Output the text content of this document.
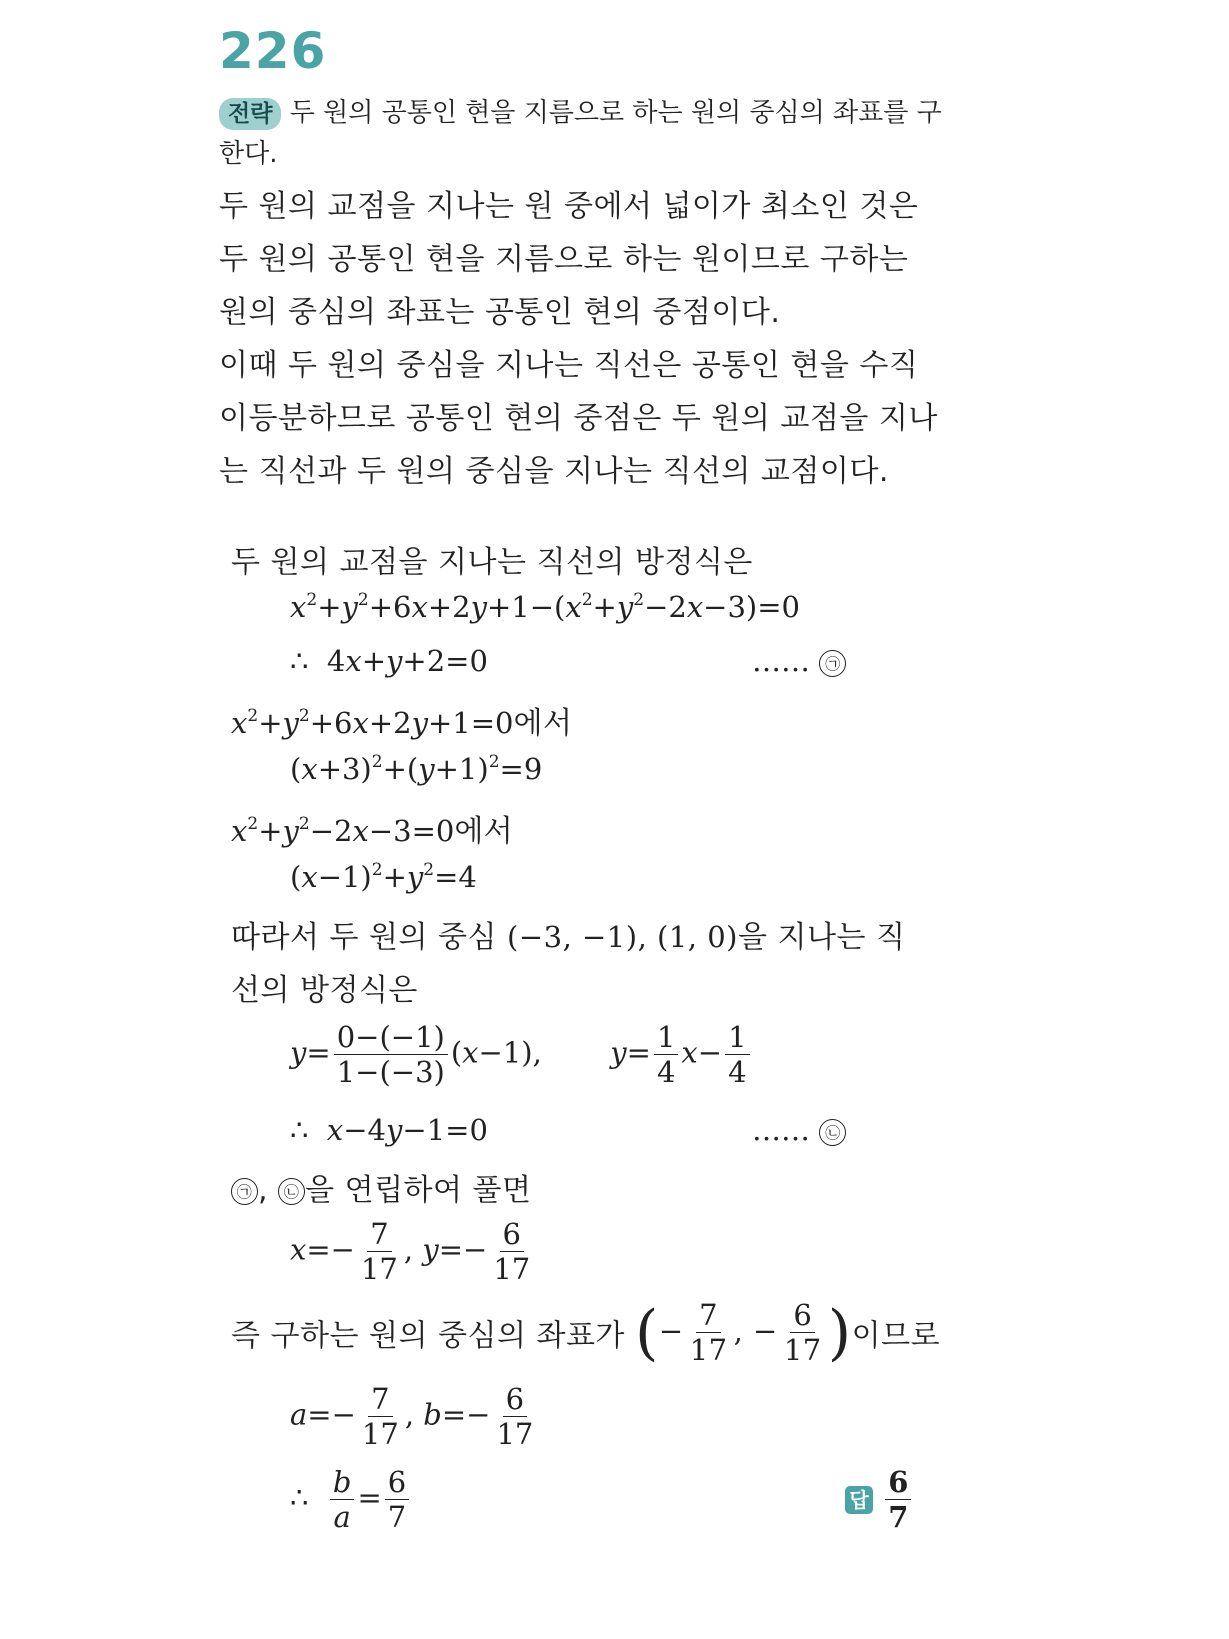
226
전략 두 원의 공통인 현을 지름으로 하는 원의 중심의 좌표를 구
한다.
두 원의 교점을 지나는 원 중에서 넓이가 최소인 것은
두 원의 공통인 현을 지름으로 하는 원이므로 구하는
원의 중심의 좌표는 공통인 현의 중점이다.
이때 두 원의 중심을 지나는 직선은 공통인 현을 수직
이등분하므로 공통인 현의 중점은 두 원의 교점을 지나
는 직선과 두 원의 중심을 지나는 직선의 교점이다.
두 원의 교점을 지나는 직선의 방정식은
$x^2+y^2+6x+2y+1-(x^2+y^2-2x-3)=0$
∴  4x+y+2=0	…… ㉠
$x^2+y^2+6x+2y+1=0$에서
$(x+3)^2+(y+1)^2=9$
$x^2+y^2-2x-3=0$에서
$(x-1)^2+y^2=4$
따라서 두 원의 중심 (−3, −1), (1, 0)을 지나는 직
선의 방정식은
$y= \frac{0-(-1)}{1-(-3)} (x-1)$,  $y= \frac{1}{4} x- \frac{1}{4}$
∴  x−4y−1=0	…… ㉡
㉠ , ㉡ 을 연립하여 풀면
$x=- \frac{7}{17}$ , $y=- \frac{6}{17}$
즉 구하는 원의 중심의 좌표가 (− $\frac{7}{17}$ , − $\frac{6}{17}$ )이므로
$a=- \frac{7}{17}$ , $b=- \frac{6}{17}$
∴ $\frac{b}{a} = \frac{6}{7}$	답 $\frac{6}{7}$
